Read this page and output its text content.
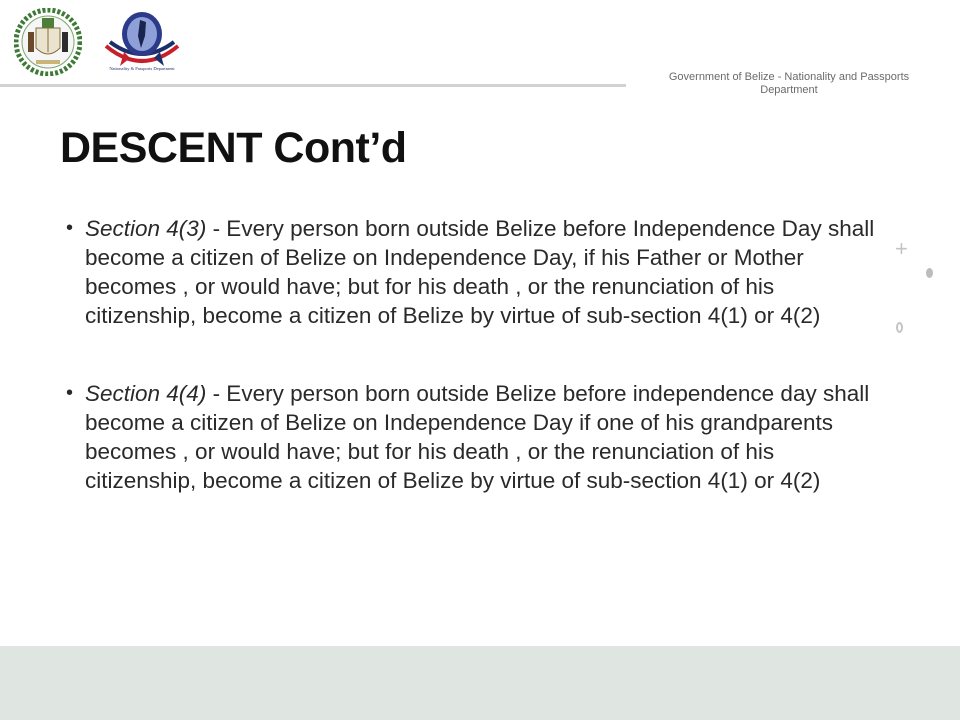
Nationality & Passports Department
Government of Belize - Nationality and Passports Department
DESCENT Cont’d
• Section 4(3) - Every person born outside Belize before Independence Day shall become a citizen of Belize on Independence Day, if his Father or Mother becomes , or would have; but for his death , or the renunciation of his citizenship, become a citizen of Belize by virtue of sub-section 4(1) or 4(2)
• Section 4(4) - Every person born outside Belize before independence day shall become a citizen of Belize on Independence Day if one of his grandparents becomes , or would have; but for his death , or the renunciation of his citizenship, become a citizen of Belize by virtue of sub-section 4(1) or 4(2)
+
